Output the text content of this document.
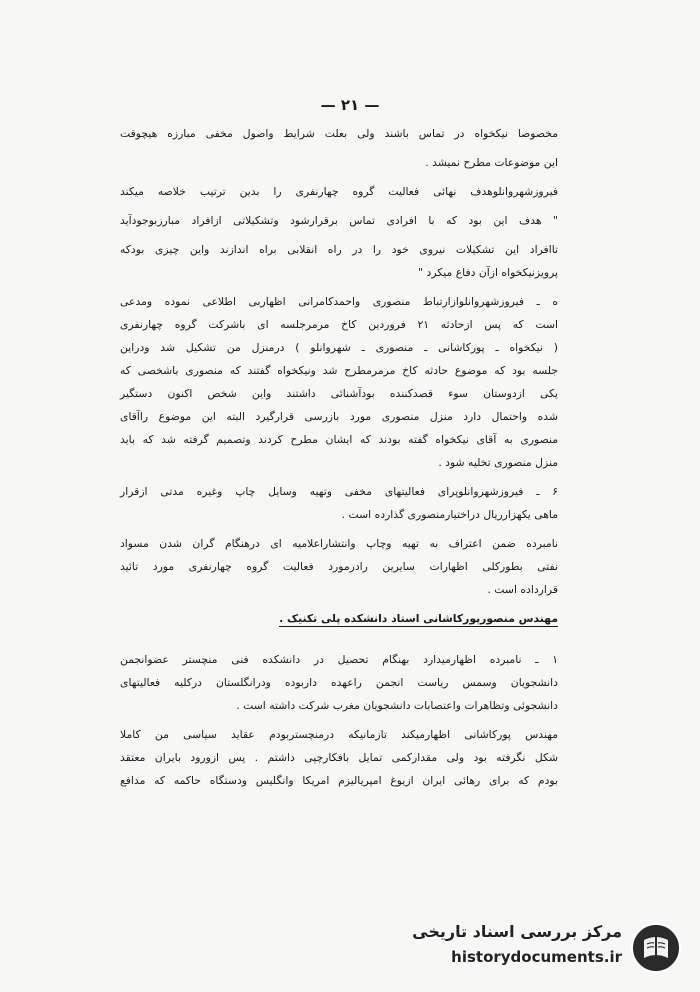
— ۲۱ —
مخصوصا نیکخواه در تماس باشند ولی بعلت شرایط واصول مخفی مبارزه هیچوقت
این موضوعات مطرح نمیشد .
فیروزشهروانلوهدف نهائی فعالیت گروه چهارنفری را بدین ترتیب خلاصه میکند
" هدف این بود که با افرادی تماس برقرارشود وتشکیلاتی ازافراد مبارزبوجودآید
تاافراد این تشکیلات نیروی خود را در راه انقلابی براه اندازند واین چیزی بودکه
پرویزنیکخواه ازآن دفاع میکرد "
ه ـ فیروزشهروانلوازارتباط منصوری واحمدکامرانی اظهاربی اطلاعی نموده ومدعی
است که پس ازحادثه ۲۱ فروردین کاخ مرمرجلسه ای باشرکت گروه چهارنفری
( نیکخواه ـ پورکاشانی ـ منصوری ـ شهروانلو ) درمنزل من تشکیل شد ودراین
جلسه بود که موضوع حادثه کاخ مرمرمطرح شد ونیکخواه گفتند که منصوری باشخصی که
یکی ازدوستان سوء قصدکننده بودآشنائی داشتند واین شخص اکنون دستگیر
شده واحتمال دارد منزل منصوری مورد بازرسی قرارگیرد البته این موضوع راآقای
منصوری به آقای نیکخواه گفته بودند که ایشان مطرح کردند وتصمیم گرفته شد که باید
منزل منصوری تخلیه شود .
۶ ـ فیروزشهروانلوپرای فعالیتهای مخفی وتهیه وسایل چاپ وغیره مدتی ازقرار
ماهی یکهزارریال دراختیارمنصوری گذارده است .
نامبرده ضمن اعتراف به تهیه وچاپ وانتشاراعلامیه ای درهنگام گران شدن مسواد
نفتی بطورکلی اظهارات سایرین رادرمورد فعالیت گروه چهارنفری مورد تائید
قرارداده است .
مهندس منصورپورکاشانی استاد دانشکده پلی تکنیک .
۱ ـ نامبرده اظهارمیدارد بهنگام تحصیل در دانشکده فنی منچستر عضوانجمن
دانشجویان وسمس ریاست انجمن راعهده داربوده ودرانگلستان درکلیه فعالیتهای
دانشجوئی وتظاهرات واعتصابات دانشجویان مغرب شرکت داشته است .
مهندس پورکاشانی اظهارمیکند تازمانیکه درمنچستربودم عقاید سیاسی من کاملا
شکل نگرفته بود ولی مقدارکمی تمایل بافکارچپی داشتم . پس ازورود بایران معتقد
بودم که برای رهائی ایران ازیوغ امپریالیزم امریکا وانگلیس ودستگاه حاکمه که مدافع
مرکز بررسی اسناد تاریخی
historydocuments.ir
